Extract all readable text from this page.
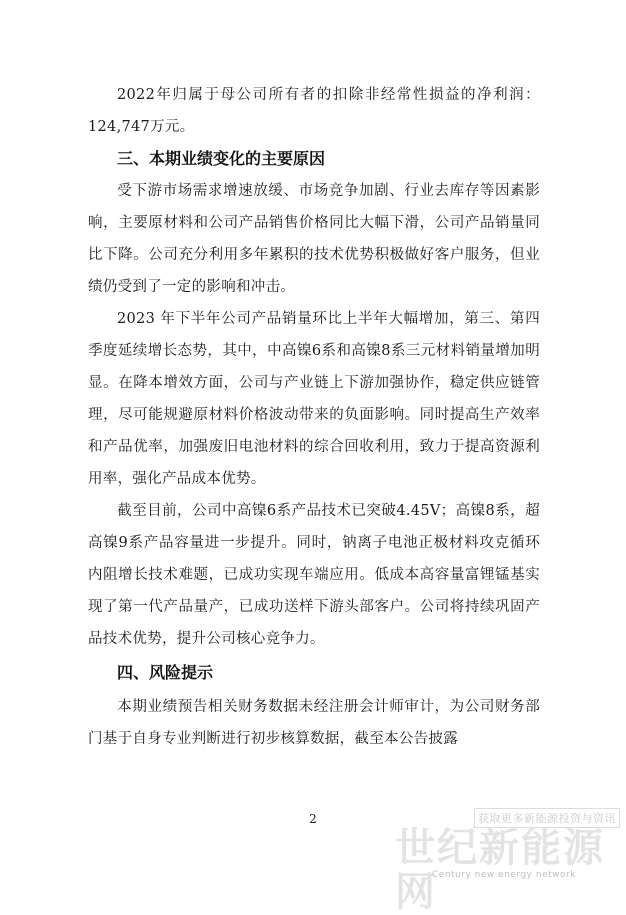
2022年归属于母公司所有者的扣除非经常性损益的净利润：124,747万元。

三、本期业绩变化的主要原因

受下游市场需求增速放缓、市场竞争加剧、行业去库存等因素影响，主要原材料和公司产品销售价格同比大幅下滑，公司产品销量同比下降。公司充分利用多年累积的技术优势积极做好客户服务，但业绩仍受到了一定的影响和冲击。

2023 年下半年公司产品销量环比上半年大幅增加，第三、第四季度延续增长态势，其中，中高镍6系和高镍8系三元材料销量增加明显。在降本增效方面，公司与产业链上下游加强协作，稳定供应链管理，尽可能规避原材料价格波动带来的负面影响。同时提高生产效率和产品优率，加强废旧电池材料的综合回收利用，致力于提高资源利用率，强化产品成本优势。

截至目前，公司中高镍6系产品技术已突破4.45V；高镍8系，超高镍9系产品容量进一步提升。同时，钠离子电池正极材料攻克循环内阻增长技术难题，已成功实现车端应用。低成本高容量富锂锰基实现了第一代产品量产，已成功送样下游头部客户。公司将持续巩固产品技术优势，提升公司核心竞争力。

四、风险提示

本期业绩预告相关财务数据未经注册会计师审计，为公司财务部门基于自身专业判断进行初步核算数据，截至本公告披露

2	获取更多新能源投资与资讯
世纪新能源网
Century new energy network
